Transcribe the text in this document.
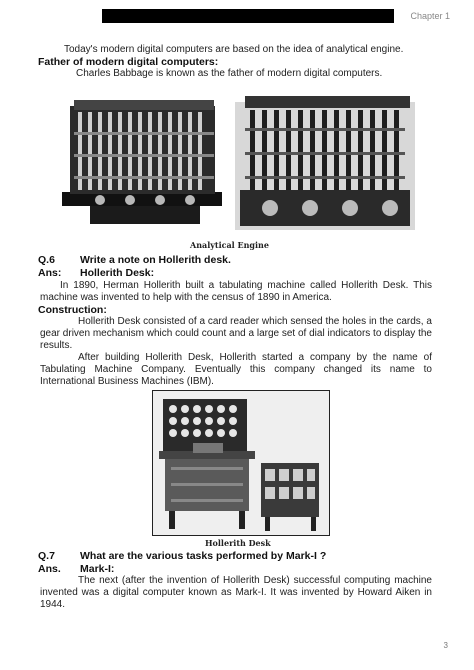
Chapter 1
Today's modern digital computers are based on the idea of analytical engine.
Father of modern digital computers:
Charles Babbage is known as the father of modern digital computers.
Analytical Engine
Q.6 Write a note on Hollerith desk.
Ans: Hollerith Desk:
In 1890, Herman Hollerith built a tabulating machine called Hollerith Desk. This machine was invented to help with the census of 1890 in America.
Construction:
Hollerith Desk consisted of a card reader which sensed the holes in the cards, a gear driven mechanism which could count and a large set of dial indicators to display the results.
After building Hollerith Desk, Hollerith started a company by the name of Tabulating Machine Company. Eventually this company changed its name to International Business Machines (IBM).
Hollerith Desk
Q.7 What are the various tasks performed by Mark-I ?
Ans. Mark-I:
The next (after the invention of Hollerith Desk) successful computing machine invented was a digital computer known as Mark-I. It was invented by Howard Aiken in 1944.
3
